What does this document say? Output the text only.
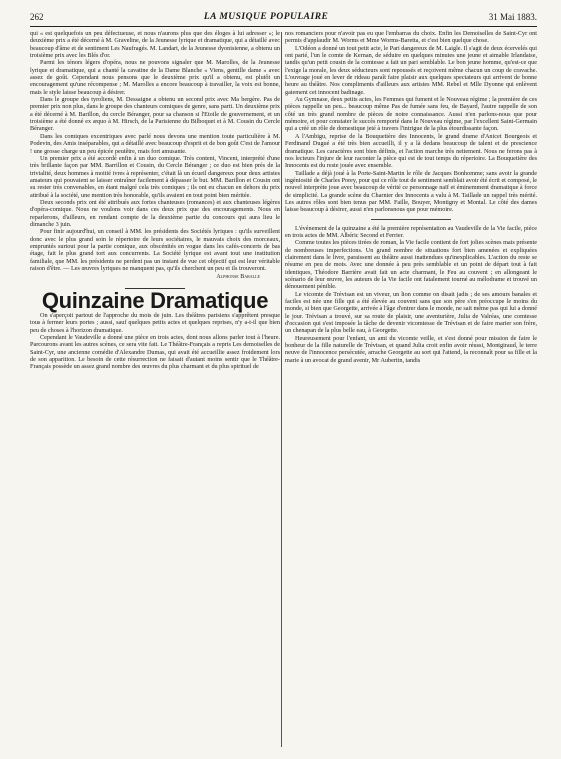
262	LA MUSIQUE POPULAIRE	31 Mai 1883.

qui « est quelquefois un peu défectueuse, et nous n'aurons plus que des éloges à lui adresser »; le deuxième prix a été décerné à M. Graveline, de la Jeunesse lyrique et dramatique, qui a détaillé avec beaucoup d'âme et de sentiment Les Naufragés. M. Landart, de la Jeunesse dyonisienne, a obtenu un troisième prix avec les Blés d'or.

Parmi les ténors légers d'opéra, nous ne pouvons signaler que M. Marolles, de la Jeunesse lyrique et dramatique, qui a chanté la cavatine de la Dame Blanche « Viens, gentille dame » avec assez de goût. Cependant nous pensons que le deuxième prix qu'il a obtenu, est plutôt un encouragement qu'une récompense ; M. Marolles a encore beaucoup à travailler, la voix est bonne, mais le style laisse beaucoup à désirer.

Dans le groupe des tyroliens, M. Dessaigne a obtenu un second prix avec Ma bergère. Pas de premier prix non plus, dans le groupe des chanteurs comiques de genre, sans parti. Un deuxième prix a été décerné à M. Barillon, du cercle Béranger, pour sa chanson si l'Etoile de gouvernement, et un troisième a été donné ex æquo à M. Hirsch, de la Parisienne du Bilboquet et à M. Cousin du Cercle Béranger.

Dans les comiques excentriques avec parlé nous devons une mention toute particulière à M. Podevin, des Amis inséparables, qui a détaillé avec beaucoup d'esprit et de bon goût C'est de l'amour ! une grosse charge un peu épicée peutêtre, mais fort amusante.

Un premier prix a été accordé enfin à un duo comique. Très content, Vincent, interprété d'une très brillante façon par MM. Barrillon et Cousin, du Cercle Béranger ; ce duo est bien près de la trivialité, deux hommes à moitié ivres à représenter, c'était là un écueil dangereux pour deux artistes amateurs qui pouvaient se laisser entraîner facilement à dépasser le but. MM. Barillon et Cousin ont su rester très convenables, en étant malgré cela très comiques ; ils ont eu chacun en dehors du prix attribué à la société, une mention très honorable, qu'ils avaient en tout point bien méritée.

Deux seconds prix ont été attribués aux fortes chanteuses (romances) et aux chanteuses légères d'opéra-comique. Nous ne voulons voir dans ces deux prix que des encouragements. Nous en reparlerons, d'ailleurs, en rendant compte de la deuxième partie du concours qui aura lieu le dimanche 3 juin.

Pour finir aujourd'hui, un conseil à MM. les présidents des Sociétés lyriques : qu'ils surveillent donc avec le plus grand soin le répertoire de leurs sociétaires, le mauvais choix des morceaux, empruntés surtout pour la partie comique, aux obscénités en vogue dans les cafés-concerts de bas étage, fait le plus grand tort aux concurrents. La Société lyrique est avant tout une institution familiale, que MM. les présidents ne perdent pas un instant de vue cet objectif qui est leur véritable raison d'être. — Les œuvres lyriques ne manquent pas, qu'ils cherchent un peu et ils trouveront.

Alphonse Baralle
Quinzaine Dramatique

On s'aperçoit partout de l'approche du mois de juin. Les théâtres parisiens s'apprêtent presque tous à fermer leurs portes ; aussi, sauf quelques petits actes et quelques reprises, n'y a-t-il que bien peu de choses à l'horizon dramatique.

Cependant le Vaudeville a donné une pièce en trois actes, dont nous allons parler tout à l'heure. Parcourons avant les autres scènes, ce sera vite fait. Le Théâtre-Français a repris Les demoiselles de Saint-Cyr, une ancienne comédie d'Alexandre Dumas, qui avait été accueillie assez froidement lors de son apparition. Le besoin de cette résurrection ne faisait d'autant moins sentir que le Théâtre-Français possède un assez grand nombre des œuvres du plus charmant et du plus spirituel de

nos romanciers pour n'avoir pas eu que l'embarras du choix. Enfin les Demoiselles de Saint-Cyr ont permis d'applaudir M. Worms et Mme Worms-Baretta, et c'est bien quelque chose.

L'Odéon a donné un tout petit acte, le Pari dangereux de M. Laigle. Il s'agit de deux écervelés qui ont parié, l'un le comte de Kernan, de séduire en quelques minutes une jeune et aimable Irlandaise, tandis qu'un petit cousin de la comtesse a fait un pari semblable. Le bon jeune homme, qu'est-ce que l'exige la morale, les deux séducteurs sont repoussés et reçoivent même chacun un coup de cravache. L'ouvrage joué en lever de rideau paraît faire plaisir aux quelques spectateurs qui arrivent de bonne heure au théâtre. Nos compliments d'ailleurs aux artistes MM. Rebel et Mlle Dyonne qui enlèvent gaiement cet innocent badinage.

Au Gymnase, deux petits actes, les Femmes qui fument et le Nouveau régime ; la première de ces pièces rappelle un peu... beaucoup même Pas de fumée sans feu, de Bayard, l'autre rappelle de son côté un très grand nombre de pièces de notre connaissance. Aussi n'en parlons-nous que pour mémoire, et pour constater le succès remporté dans le Nouveau régime, par l'excellent Saint-Germain qui a créé un rôle de domestique jeté à travers l'intrigue de la plus étourdissante façon.

A l'Ambigu, reprise de la Bouquetière des Innocents, le grand drame d'Anicet Bourgeois et Ferdinand Dugué a été très bien accueilli, il y a là dedans beaucoup de talent et de prescience dramatique. Les caractères sont bien définis, et l'action marche très nettement. Nous ne ferons pas à nos lecteurs l'injure de leur raconter la pièce qui est de tout temps du répertoire. La Bouquetière des Innocents est du reste jouée avec ensemble.

Taillade a déjà joué à la Porte-Saint-Martin le rôle de Jacques Bonhomme; sans avoir la grande ingéniosité de Charles Porey, pour qui ce rôle tout de sentiment semblait avoir été écrit et composé, le nouvel interprète joue avec beaucoup de vérité ce personnage naïf et éminemment dramatique à force de simplicité. La grande scène du Charnier des Innocents a valu à M. Taillade un rappel très mérité. Les autres rôles sont bien tenus par MM. Faille, Bouyer, Montigny et Montal. Le côté des dames laisse beaucoup à désirer, aussi n'en parlonsnous que pour mémoire.

L'événement de la quinzaine a été la première représentation au Vaudeville de la Vie facile, pièce en trois actes de MM. Albéric Second et Ferrier.

Comme toutes les pièces tirées de roman, la Vie facile contient de fort jolies scènes mais présente de nombreuses imperfections. Un grand nombre de situations fort bien amenées et expliquées clairement dans le livre, paraissent au théâtre aussi inattendues qu'inexplicables. L'action du reste se résume en peu de mots. Avec une donnée à peu près semblable et un point de départ tout à fait identiques, Théodore Barrière avait fait un acte charmant, le Feu au couvent ; en allongeant le scénario de leur œuvre, les auteurs de la Vie facile ont fatalement tourné au mélodrame et trouvé un dénouement pénible.

Le vicomte de Trévisan est un viveur, un lion comme on disait jadis ; de ses amours banales et faciles est née une fille qui a été élevée au couvent sans que son père s'en préoccupe le moins du monde, si bien que Georgette, arrivée à l'âge d'entrer dans le monde, ne sait même pas qui lui a donné le jour. Trévisan a trouvé, sur sa route de plaisir, une aventurière, Julia de Valréas, une comtesse d'occasion qui s'est imposée la tâche de devenir vicomtesse de Trévisan et de faire marier son frère, un chenapan de la plus belle eau, à Georgette.

Heureusement pour l'enfant, un ami du vicomte veille, et s'est donné pour mission de faire le bonheur de la fille naturelle de Trévisan, et quand Julia croit enfin avoir réussi, Montgiraud, le terre neuve de l'innocence persécutée, arrache Georgette au sort qui l'attend, la reconnaît pour sa fille et la marie à un avocat de grand avenir, Mr Aubertin, tandis
